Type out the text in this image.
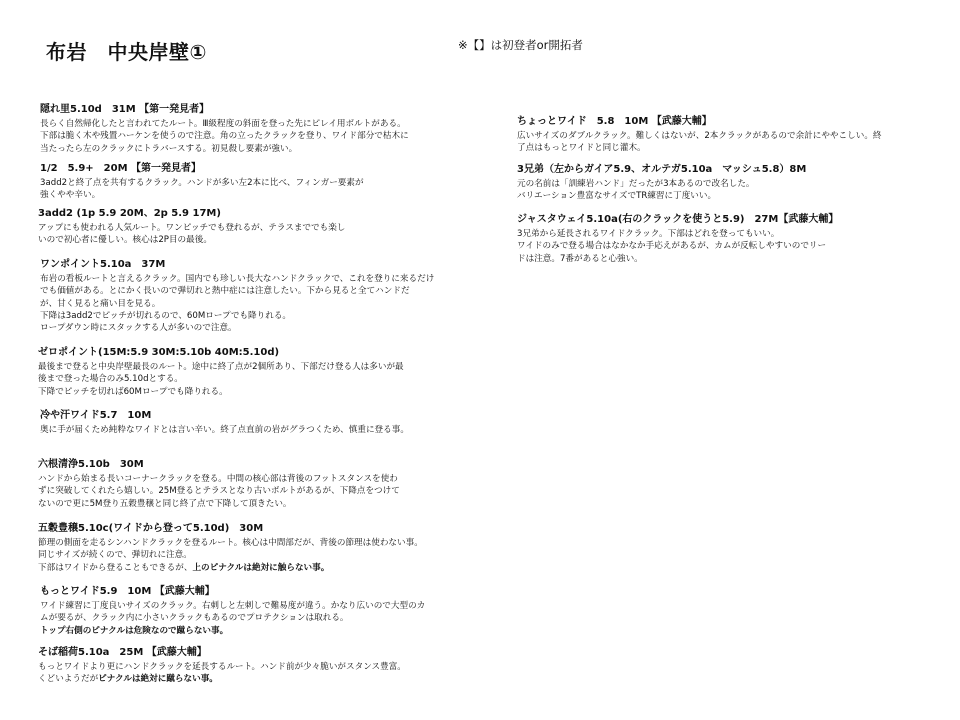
布岩　中央岸壁①	※【】は初登者or開拓者
隠れ里5.10d　31M 【第一発見者】
長らく自然帰化したと言われてたルート。Ⅲ級程度の斜面を登った先にピレイ用ボルトがある。
下部は脆く木や残置ハーケンを使うので注意。角の立ったクラックを登り、ワイド部分で枯木に
当たったら左のクラックにトラバースする。初見殺し要素が強い。
1/2　5.9+　20M 【第一発見者】
3add2と終了点を共有するクラック。ハンドが多い左2本に比べ、フィンガー要素が
強くやや辛い。
3add2 (1p 5.9 20M、2p 5.9 17M)
アップにも使われる人気ルート。ワンピッチでも登れるが、テラスまででも楽し
いので初心者に優しい。核心は2P目の最後。
ワンポイント5.10a　37M
布岩の看板ルートと言えるクラック。国内でも珍しい長大なハンドクラックで、これを登りに来るだけ
でも価値がある。とにかく長いので弾切れと熱中症には注意したい。下から見ると全てハンドだ
が、甘く見ると痛い目を見る。
下降は3add2でピッチが切れるので、60Mロープでも降りれる。
ロープダウン時にスタックする人が多いので注意。
ゼロポイント(15M:5.9 30M:5.10b 40M:5.10d)
最後まで登ると中央岸壁最長のルート。途中に終了点が2個所あり、下部だけ登る人は多いが最
後まで登った場合のみ5.10dとする。
下降でピッチを切れば60Mロープでも降りれる。
冷や汗ワイド5.7　10M
奥に手が届くため純粋なワイドとは言い辛い。終了点直前の岩がグラつくため、慎重に登る事。
六根清浄5.10b　30M
ハンドから始まる長いコーナークラックを登る。中間の核心部は背後のフットスタンスを使わ
ずに突破してくれたら嬉しい。25M登るとテラスとなり古いボルトがあるが、下降点をつけて
ないので更に5M登り五穀豊穣と同じ終了点で下降して頂きたい。
五穀豊穣5.10c(ワイドから登って5.10d)　30M
節理の側面を走るシンハンドクラックを登るルート。核心は中間部だが、背後の節理は使わない事。
同じサイズが続くので、弾切れに注意。
下部はワイドから登ることもできるが、上のピナクルは絶対に触らない事。
もっとワイド5.9　10M 【武藤大輔】
ワイド練習に丁度良いサイズのクラック。右刺しと左刺しで難易度が違う。かなり広いので大型のカ
ムが要るが、クラック内に小さいクラックもあるのでプロテクションは取れる。
トップ右側のピナクルは危険なので蹴らない事。
そば稲荷5.10a　25M 【武藤大輔】
もっとワイドより更にハンドクラックを延長するルート。ハンド前が少々脆いがスタンス豊富。
くどいようだがピナクルは絶対に蹴らない事。
ちょっとワイド　5.8　10M 【武藤大輔】
広いサイズのダブルクラック。難しくはないが、2本クラックがあるので余計にややこしい。終
了点はもっとワイドと同じ灌木。
3兄弟（左からガイア5.9、オルテガ5.10a　マッシュ5.8）8M
元の名前は「訓練岩ハンド」だったが3本あるので改名した。
バリエーション豊富なサイズでTR練習に丁度いい。
ジャスタウェイ5.10a(右のクラックを使うと5.9)　27M【武藤大輔】
3兄弟から延長されるワイドクラック。下部はどれを登ってもいい。
ワイドのみで登る場合はなかなか手応えがあるが、カムが反転しやすいのでリー
ドは注意。7番があると心強い。
